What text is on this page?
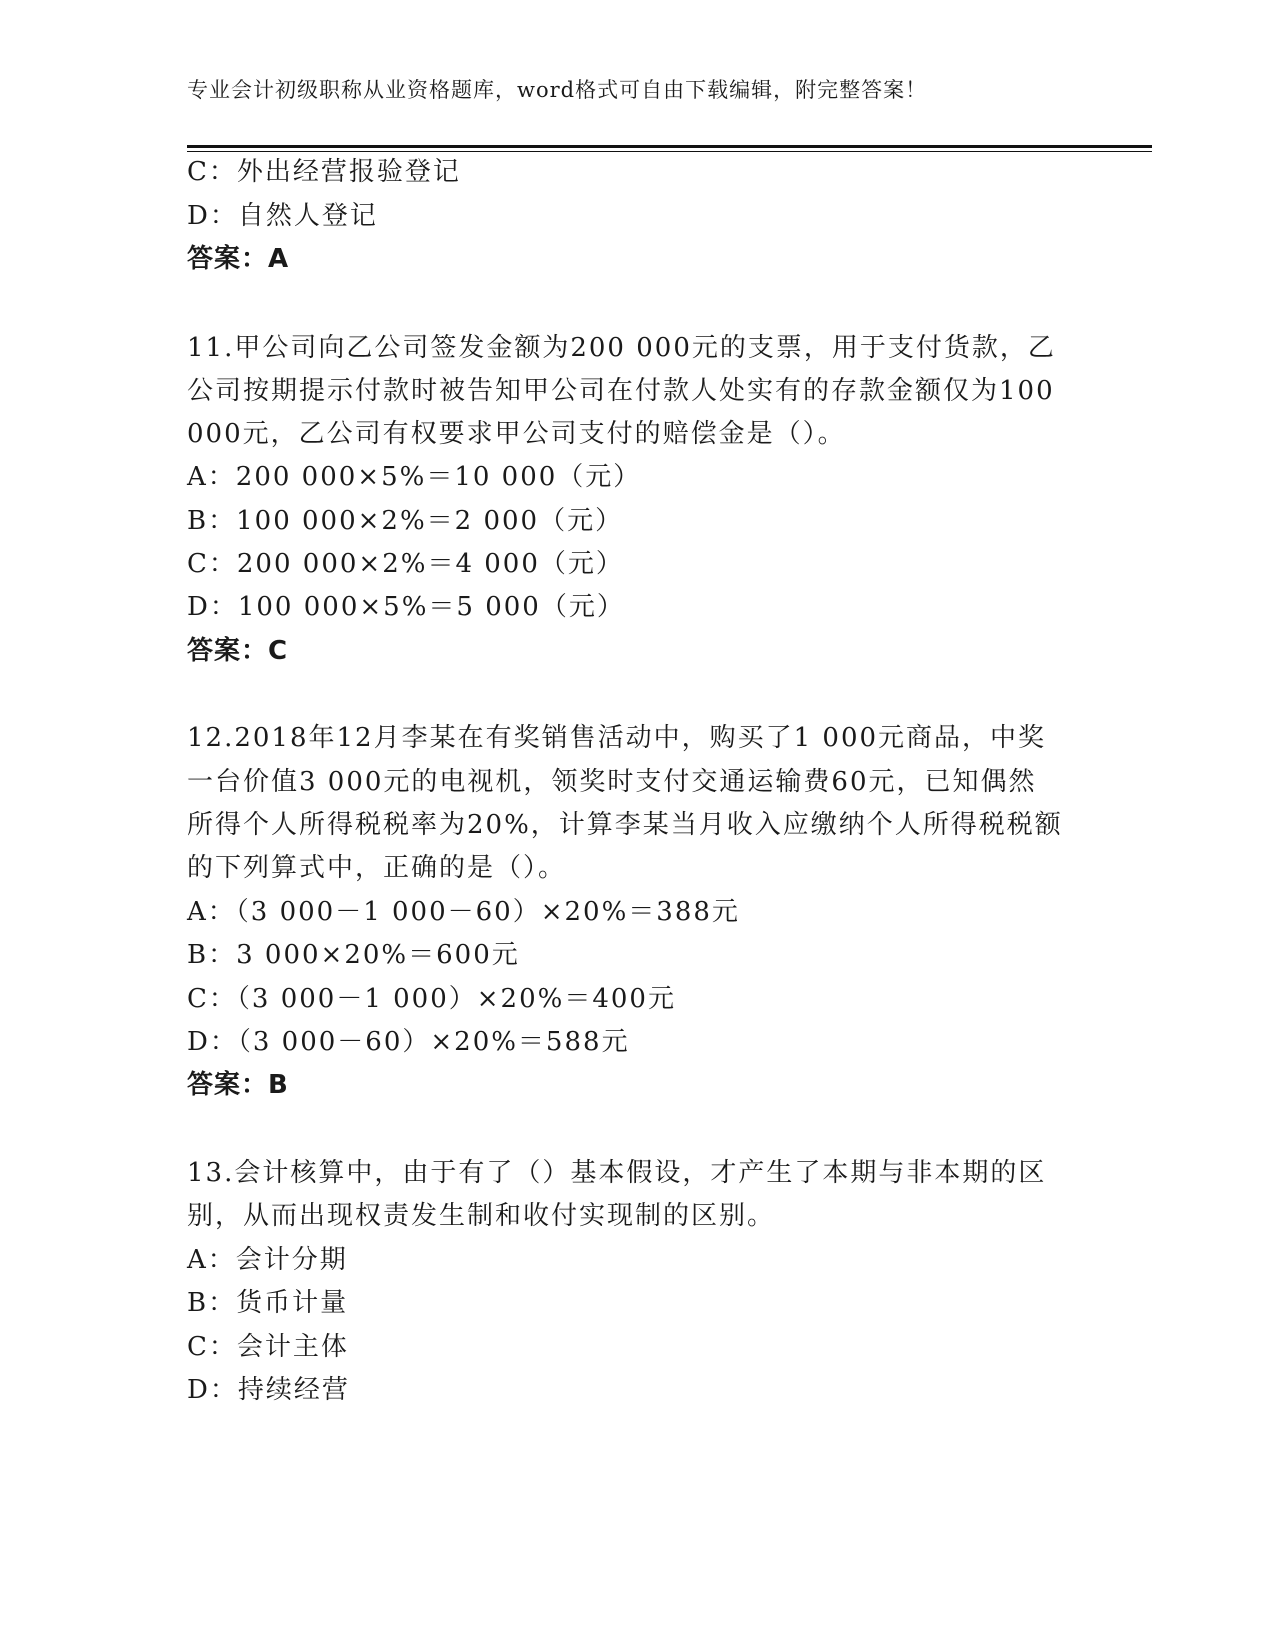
专业会计初级职称从业资格题库，word格式可自由下载编辑，附完整答案！
C：外出经营报验登记
D：自然人登记
答案：A
11.甲公司向乙公司签发金额为200 000元的支票，用于支付货款，乙
公司按期提示付款时被告知甲公司在付款人处实有的存款金额仅为100
000元，乙公司有权要求甲公司支付的赔偿金是（）。
A：200 000×5%＝10 000（元）
B：100 000×2%＝2 000（元）
C：200 000×2%＝4 000（元）
D：100 000×5%＝5 000（元）
答案：C
12.2018年12月李某在有奖销售活动中，购买了1 000元商品，中奖
一台价值3 000元的电视机，领奖时支付交通运输费60元，已知偶然
所得个人所得税税率为20%，计算李某当月收入应缴纳个人所得税税额
的下列算式中，正确的是（）。
A：（3 000－1 000－60）×20%＝388元
B：3 000×20%＝600元
C：（3 000－1 000）×20%＝400元
D：（3 000－60）×20%＝588元
答案：B
13.会计核算中，由于有了（）基本假设，才产生了本期与非本期的区
别，从而出现权责发生制和收付实现制的区别。
A：会计分期
B：货币计量
C：会计主体
D：持续经营
